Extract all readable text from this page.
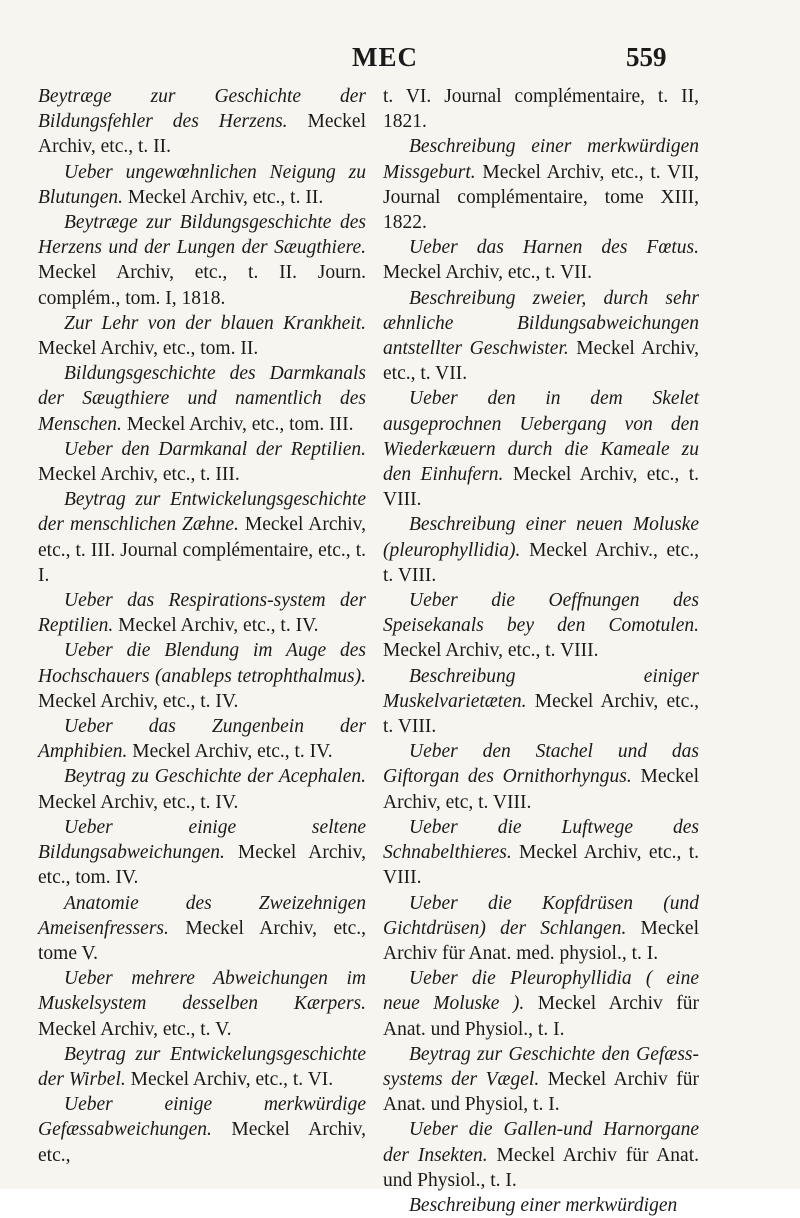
MEC	559

Beytræge zur Geschichte der Bildungsfehler des Herzens. Meckel Archiv, etc., t. II.

Ueber ungewœhnlichen Neigung zu Blutungen. Meckel Archiv, etc., t. II.

Beytræge zur Bildungsgeschichte des Herzens und der Lungen der Sæugthiere. Meckel Archiv, etc., t. II. Journ. complém., tom. I, 1818.

Zur Lehr von der blauen Krankheit. Meckel Archiv, etc., tom. II.

Bildungsgeschichte des Darmkanals der Sæugthiere und namentlich des Menschen. Meckel Archiv, etc., tom. III.

Ueber den Darmkanal der Reptilien. Meckel Archiv, etc., t. III.

Beytrag zur Entwickelungsgeschichte der menschlichen Zæhne. Meckel Archiv, etc., t. III. Journal complémentaire, etc., t. I.

Ueber das Respirations-system der Reptilien. Meckel Archiv, etc., t. IV.

Ueber die Blendung im Auge des Hochschauers (anableps tetrophthalmus). Meckel Archiv, etc., t. IV.

Ueber das Zungenbein der Amphibien. Meckel Archiv, etc., t. IV.

Beytrag zu Geschichte der Acephalen. Meckel Archiv, etc., t. IV.

Ueber einige seltene Bildungsabweichungen. Meckel Archiv, etc., tom. IV.

Anatomie des Zweizehnigen Ameisenfressers. Meckel Archiv, etc., tome V.

Ueber mehrere Abweichungen im Muskelsystem desselben Kærpers. Meckel Archiv, etc., t. V.

Beytrag zur Entwickelungsgeschichte der Wirbel. Meckel Archiv, etc., t. VI.

Ueber einige merkwürdige Gefæssabweichungen. Meckel Archiv, etc.,

t. VI. Journal complémentaire, t. II, 1821.

Beschreibung einer merkwürdigen Missgeburt. Meckel Archiv, etc., t. VII, Journal complémentaire, tome XIII, 1822.

Ueber das Harnen des Fœtus. Meckel Archiv, etc., t. VII.

Beschreibung zweier, durch sehr æhnliche Bildungsabweichungen antstellter Geschwister. Meckel Archiv, etc., t. VII.

Ueber den in dem Skelet ausgeprochnen Uebergang von den Wiederkæuern durch die Kameale zu den Einhufern. Meckel Archiv, etc., t. VIII.

Beschreibung einer neuen Moluske (pleurophyllidia). Meckel Archiv., etc., t. VIII.

Ueber die Oeffnungen des Speisekanals bey den Comotulen. Meckel Archiv, etc., t. VIII.

Beschreibung einiger Muskelvarietæten. Meckel Archiv, etc., t. VIII.

Ueber den Stachel und das Giftorgan des Ornithorhyngus. Meckel Archiv, etc, t. VIII.

Ueber die Luftwege des Schnabelthieres. Meckel Archiv, etc., t. VIII.

Ueber die Kopfdrüsen (und Gichtdrüsen) der Schlangen. Meckel Archiv für Anat. med. physiol., t. I.

Ueber die Pleurophyllidia ( eine neue Moluske ). Meckel Archiv für Anat. und Physiol., t. I.

Beytrag zur Geschichte den Gefæss-systems der Vægel. Meckel Archiv für Anat. und Physiol, t. I.

Ueber die Gallen-und Harnorgane der Insekten. Meckel Archiv für Anat. und Physiol., t. I.

Beschreibung einer merkwürdigen
